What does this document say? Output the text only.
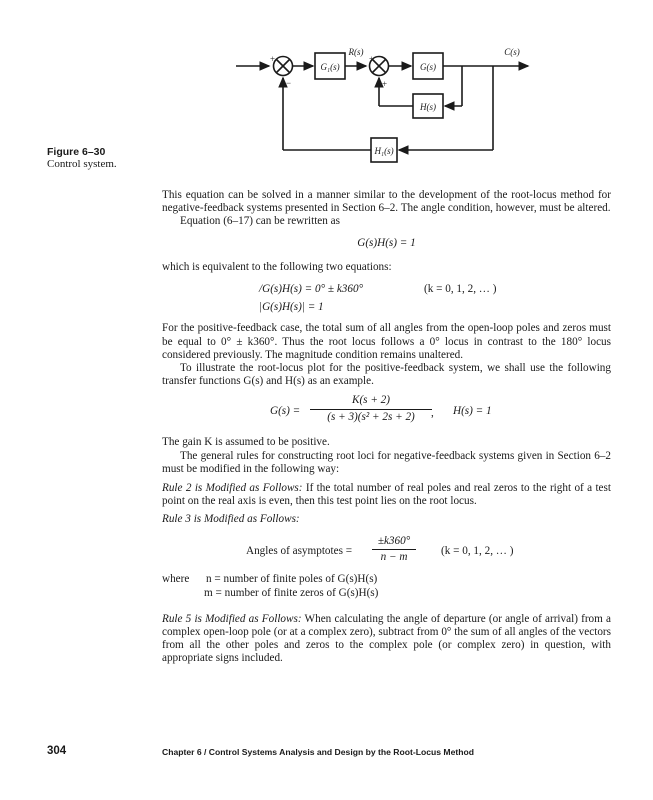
G₁(s)	G(s)
H(s)
H₁(s)
R(s)	C(s)
+
−
+
+
Figure 6–30
Control system.

This equation can be solved in a manner similar to the development of the root-locus method for negative-feedback systems presented in Section 6–2. The angle condition, however, must be altered.

Equation (6–17) can be rewritten as

G(s)H(s) = 1

which is equivalent to the following two equations:

/G(s)H(s) = 0° ± k360°	(k = 0, 1, 2, … )
|G(s)H(s)| = 1

For the positive-feedback case, the total sum of all angles from the open-loop poles and zeros must be equal to 0° ± k360°. Thus the root locus follows a 0° locus in contrast to the 180° locus considered previously. The magnitude condition remains unaltered.

To illustrate the root-locus plot for the positive-feedback system, we shall use the following transfer functions G(s) and H(s) as an example.

$G(s) = \frac{K(s + 2)}{\text{(s + 3)(s² + 2s + 2)}}$ , H(s) = 1

The gain K is assumed to be positive.

The general rules for constructing root loci for negative-feedback systems given in Section 6–2 must be modified in the following way:

Rule 2 is Modified as Follows: If the total number of real poles and real zeros to the right of a test point on the real axis is even, then this test point lies on the root locus.

Rule 3 is Modified as Follows:

Angles of asymptotes = $\frac{\pm k360^\circ}{n - m} (k = 0$, 1, 2, … )
where n = number of finite poles of G(s)H(s)
m = number of finite zeros of G(s)H(s)

Rule 5 is Modified as Follows: When calculating the angle of departure (or angle of arrival) from a complex open-loop pole (or at a complex zero), subtract from 0° the sum of all angles of the vectors from all the other poles and zeros to the complex pole (or complex zero) in question, with appropriate signs included.

304	Chapter 6 / Control Systems Analysis and Design by the Root-Locus Method
